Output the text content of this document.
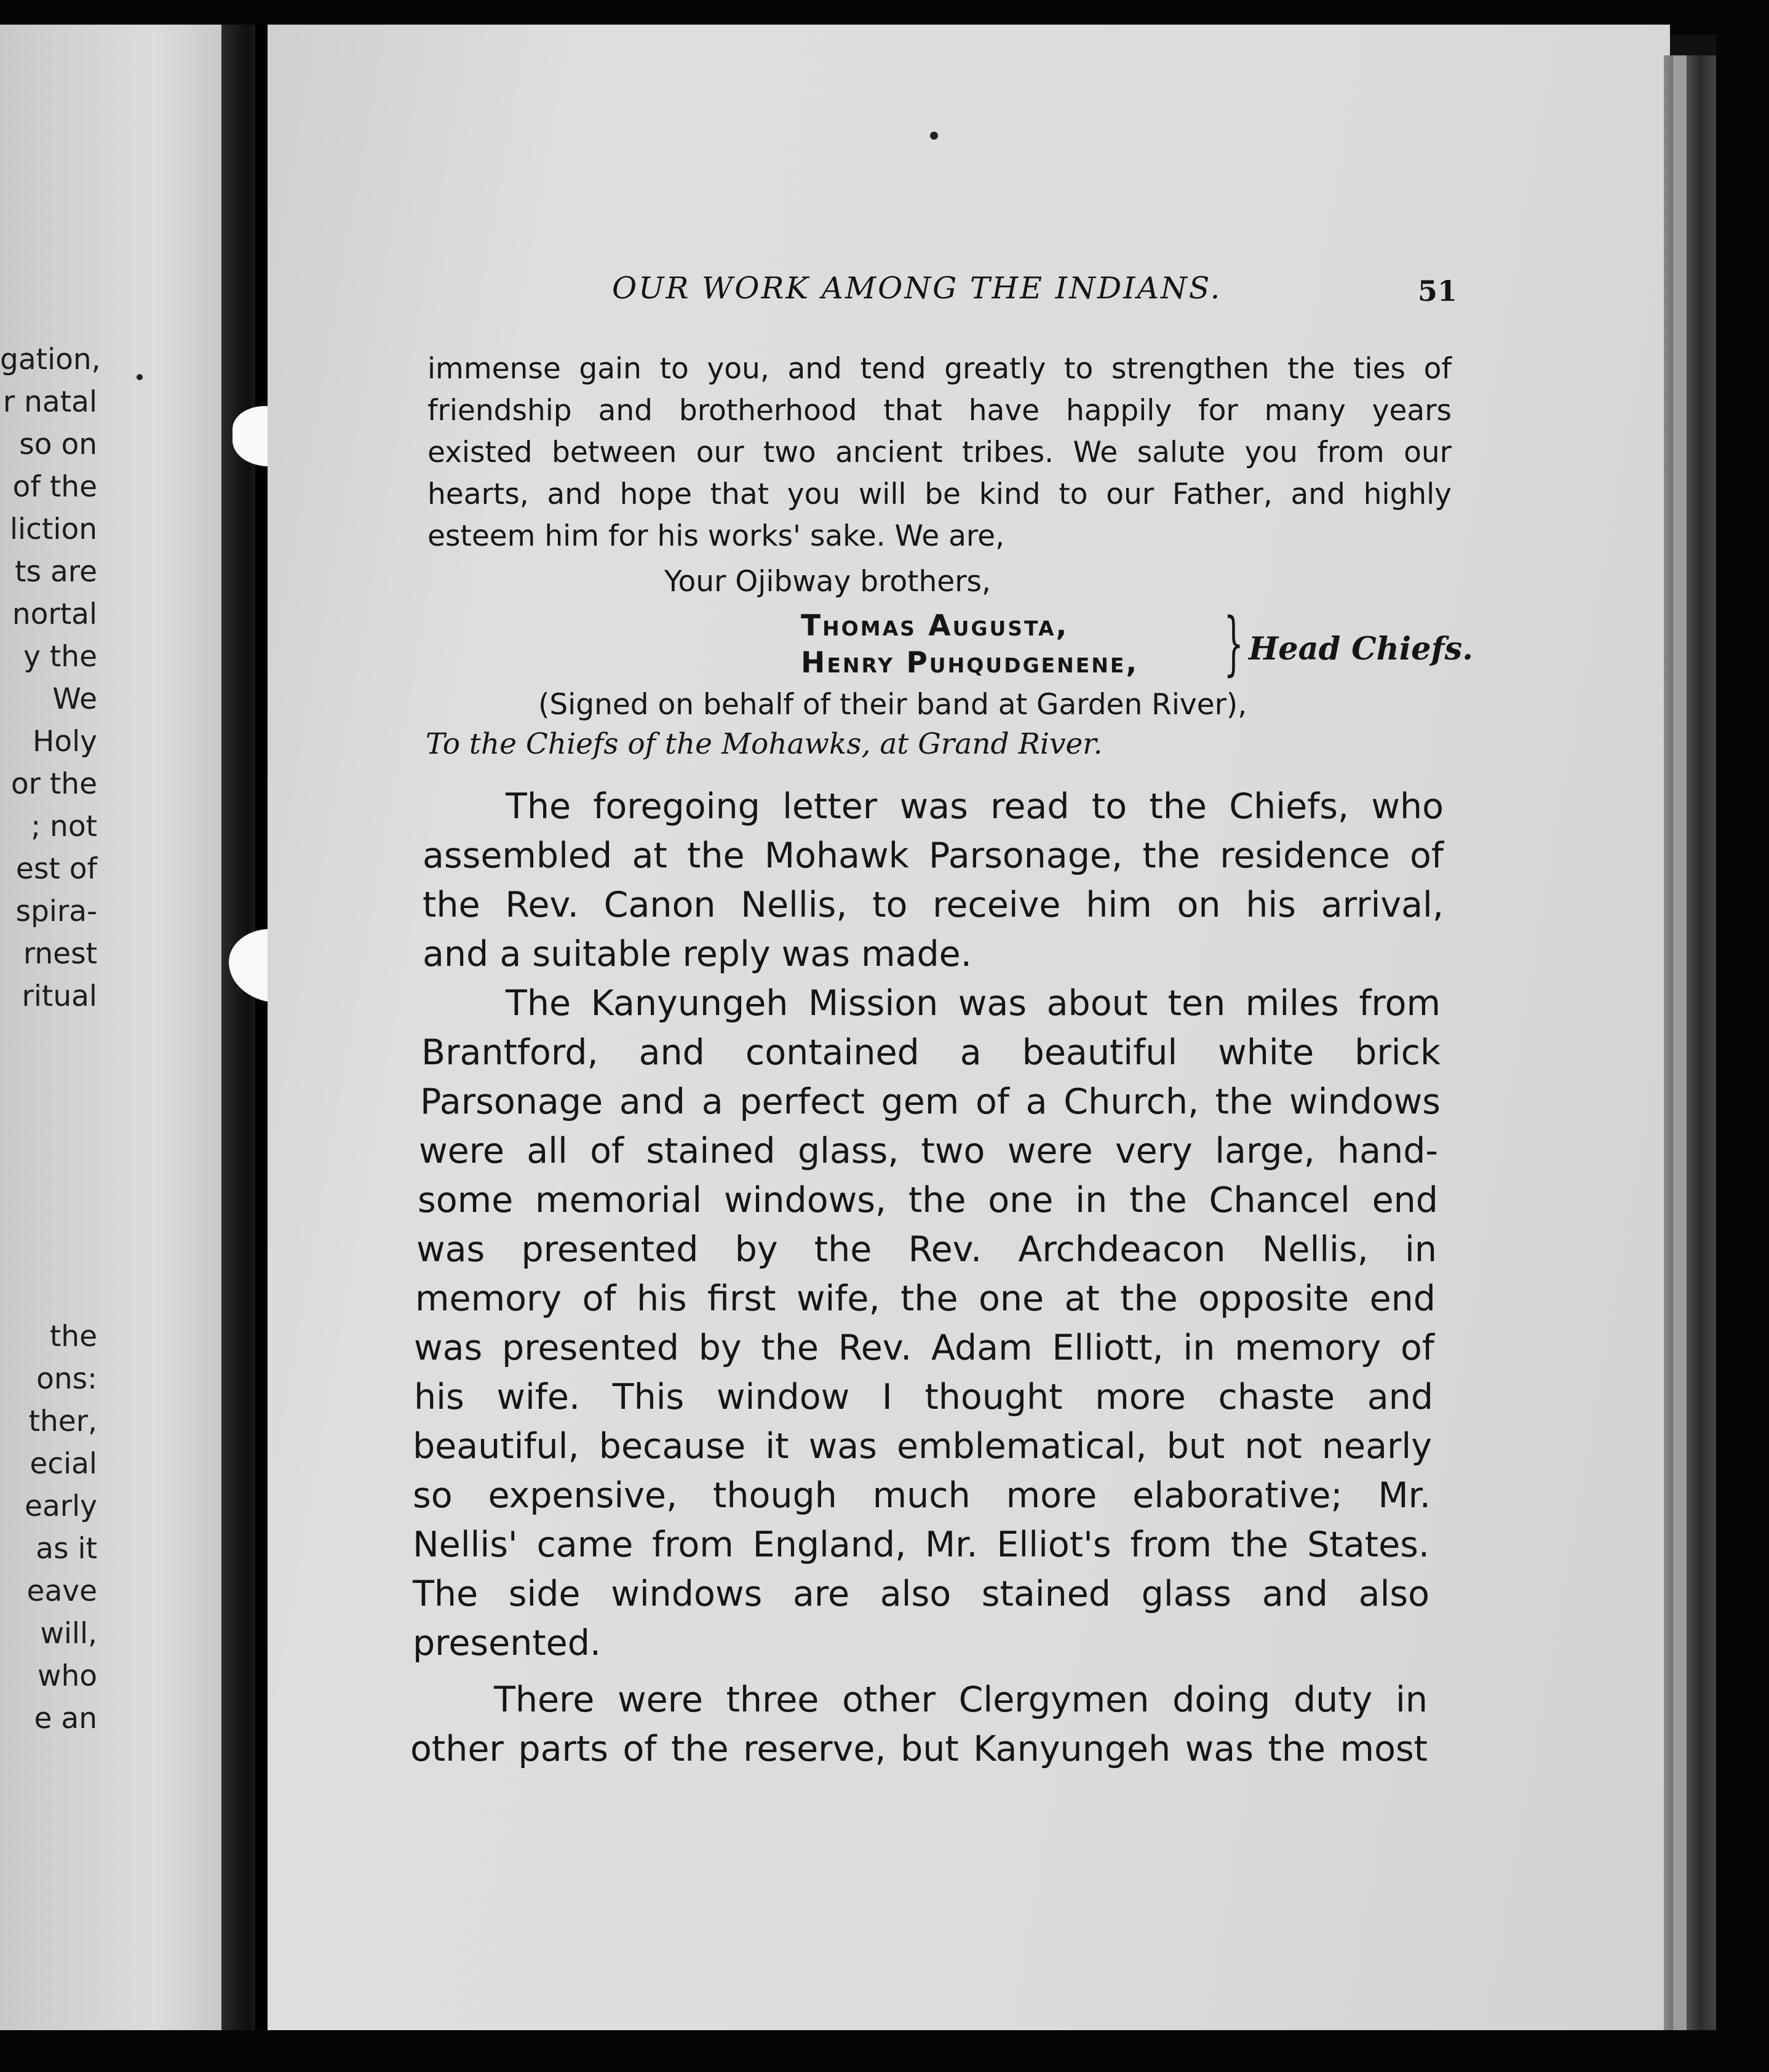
gation,
r natal
so on
of the
liction
ts are
nortal
y the
We
Holy
or the
; not
est of
spira-
rnest
ritual
the
ons:
ther,
ecial
early
as it
eave
will,
who
e an
OUR WORK AMONG THE INDIANS.	51
immense gain to you, and tend greatly to strengthen the ties of
friendship and brotherhood that have happily for many years
existed between our two ancient tribes. We salute you from our
hearts, and hope that you will be kind to our Father, and highly
esteem him for his works' sake. We are,
Your Ojibway brothers,
Thomas Augusta,
Henry Puhqudgenene, } Head Chiefs.
(Signed on behalf of their band at Garden River),
To the Chiefs of the Mohawks, at Grand River.
The foregoing letter was read to the Chiefs, who
assembled at the Mohawk Parsonage, the residence of
the Rev. Canon Nellis, to receive him on his arrival,
and a suitable reply was made.
The Kanyungeh Mission was about ten miles from
Brantford, and contained a beautiful white brick
Parsonage and a perfect gem of a Church, the windows
were all of stained glass, two were very large, hand-
some memorial windows, the one in the Chancel end
was presented by the Rev. Archdeacon Nellis, in
memory of his first wife, the one at the opposite end
was presented by the Rev. Adam Elliott, in memory of
his wife. This window I thought more chaste and
beautiful, because it was emblematical, but not nearly
so expensive, though much more elaborative; Mr.
Nellis' came from England, Mr. Elliot's from the States.
The side windows are also stained glass and also
presented.
There were three other Clergymen doing duty in
other parts of the reserve, but Kanyungeh was the most
